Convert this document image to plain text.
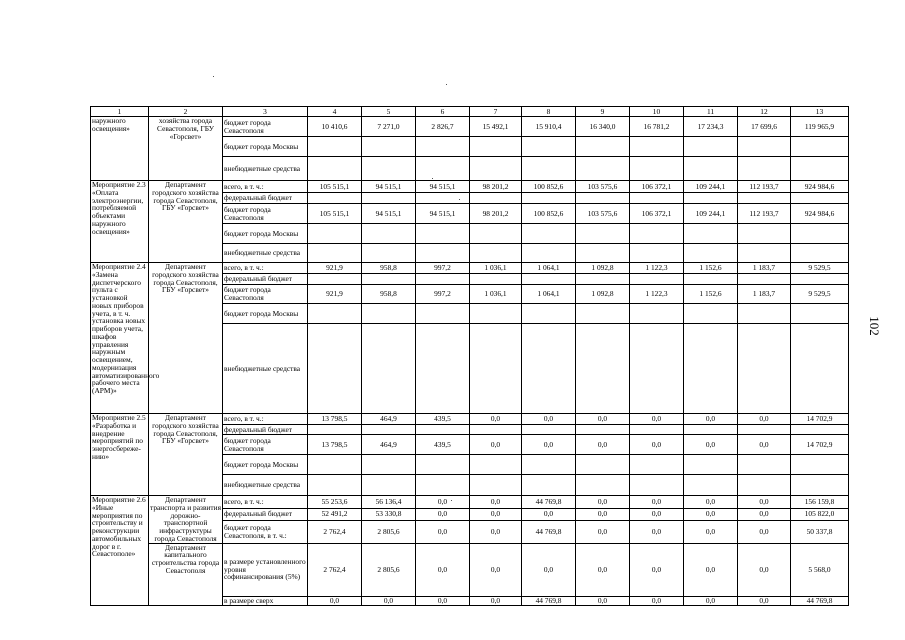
1	2	3	4	5	6	7	8	9	10	11	12	13
наружного освещения»	хозяйства города Севастополя, ГБУ «Горсвет»	бюджет города Севастополя	10 410,6	7 271,0	2 826,7	15 492,1	15 910,4	16 340,0	16 781,2	17 234,3	17 699,6	119 965,9
		бюджет города Москвы										
		внебюджетные средства										
Мероприятие 2.3 «Оплата электроэнергии, потребляемой объектами наружного освещения»	Департамент городского хозяйства города Севастополя, ГБУ «Горсвет»	всего, в т. ч.:	105 515,1	94 515,1	94 515,1	98 201,2	100 852,6	103 575,6	106 372,1	109 244,1	112 193,7	924 984,6
		федеральный бюджет										
		бюджет города Севастополя	105 515,1	94 515,1	94 515,1	98 201,2	100 852,6	103 575,6	106 372,1	109 244,1	112 193,7	924 984,6
		бюджет города Москвы										
		внебюджетные средства										
Мероприятие 2.4 «Замена диспетчерского пульта с установкой новых приборов учета, в т. ч. установка новых приборов учета, шкафов управления наружным освещением, модернизация автоматизированного рабочего места (АРМ)»	Департамент городского хозяйства города Севастополя, ГБУ «Горсвет»	всего, в т. ч.:	921,9	958,8	997,2	1 036,1	1 064,1	1 092,8	1 122,3	1 152,6	1 183,7	9 529,5
		федеральный бюджет										
		бюджет города Севастополя	921,9	958,8	997,2	1 036,1	1 064,1	1 092,8	1 122,3	1 152,6	1 183,7	9 529,5
		бюджет города Москвы										
		внебюджетные средства										
Мероприятие 2.5 «Разработка и внедрение мероприятий по энергосбереже-нию»	Департамент городского хозяйства города Севастополя, ГБУ «Горсвет»	всего, в т. ч.:	13 798,5	464,9	439,5	0,0	0,0	0,0	0,0	0,0	0,0	14 702,9
		федеральный бюджет										
		бюджет города Севастополя	13 798,5	464,9	439,5	0,0	0,0	0,0	0,0	0,0	0,0	14 702,9
		бюджет города Москвы										
		внебюджетные средства										
Мероприятие 2.6 «Иные мероприятия по строительству и реконструкции автомобильных дорог в г. Севастополе»	Департамент транспорта и развития дорожно-транспортной инфраструктуры города Севастополя	всего, в т. ч.:	55 253,6	56 136,4	0,0	0,0	44 769,8	0,0	0,0	0,0	0,0	156 159,8
		федеральный бюджет	52 491,2	53 330,8	0,0	0,0	0,0	0,0	0,0	0,0	0,0	105 822,0
		бюджет города Севастополя, в т. ч.:	2 762,4	2 805,6	0,0	0,0	44 769,8	0,0	0,0	0,0	0,0	50 337,8
	Департамент капитального строительства города Севастополя	в размере установленного уровня софинансирования (5%)	2 762,4	2 805,6	0,0	0,0	0,0	0,0	0,0	0,0	0,0	5 568,0
		в размере сверх	0,0	0,0	0,0	0,0	44 769,8	0,0	0,0	0,0	0,0	44 769,8
102
